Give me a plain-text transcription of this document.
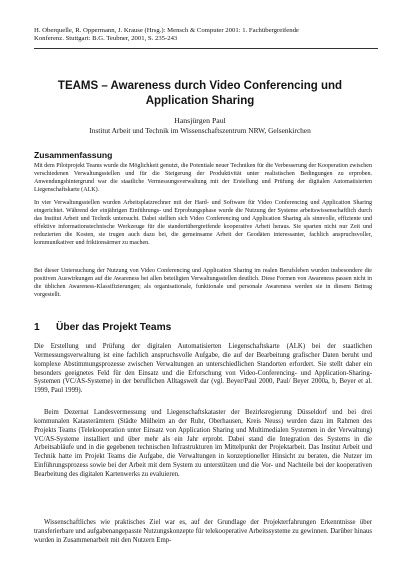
H. Oberquelle, R. Oppermann, J. Krause (Hrsg.): Mensch & Computer 2001: 1. Fachübergreifende
Konferenz. Stuttgart: B.G. Teubner, 2001, S. 235-243
TEAMS – Awareness durch Video Conferencing und
Application Sharing
Hansjürgen Paul
Institut Arbeit und Technik im Wissenschaftszentrum NRW, Gelsenkirchen
Zusammenfassung

Mit dem Pilotprojekt Teams wurde die Möglichkeit genutzt, die Potentiale neuer Techniken für die Verbesserung der Kooperation zwischen verschiedenen Verwaltungsstellen und für die Steigerung der Produktivität unter realistischen Bedingungen zu erproben. Anwendungshintergrund war die staatliche Vermessungsverwaltung mit der Erstellung und Prüfung der digitalen Automatisierten Liegenschaftskarte (ALK).

In vier Verwaltungsstellen wurden Arbeitsplatzrechner mit der Hard- und Software für Video Conferencing und Application Sharing eingerichtet. Während der einjährigen Einführungs- und Erprobungsphase wurde die Nutzung der Systeme arbeitswissenschaftlich durch das Institut Arbeit und Technik untersucht. Dabei stellten sich Video Conferencing und Application Sharing als sinnvolle, effiziente und effektive informationstechnische Werkzeuge für die standortübergreifende kooperative Arbeit heraus. Sie sparten nicht nur Zeit und reduzierten die Kosten, sie trugen auch dazu bei, die gemeinsame Arbeit der Geodäten interessanter, fachlich anspruchsvoller, kommunikativer und friktionsärmer zu machen.

Bei dieser Untersuchung der Nutzung von Video Conferencing und Application Sharing im realen Berufsleben wurden insbesondere die positiven Auswirkungen auf die Awareness bei allen beteiligten Verwaltungsstellen deutlich. Diese Formen von Awareness passen nicht in die üblichen Awareness-Klassifizierungen; als organisationale, funktionale und personale Awareness werden sie in diesem Beitrag vorgestellt.

1 Über das Projekt Teams

Die Erstellung und Prüfung der digitalen Automatisierten Liegenschaftskarte (ALK) bei der staatlichen Vermessungsverwaltung ist eine fachlich anspruchsvolle Aufgabe, die auf der Bearbeitung grafischer Daten beruht und komplexe Abstimmungsprozesse zwischen Verwaltungen an unterschiedlichen Standorten erfordert. Sie stellt daher ein besonders geeignetes Feld für den Einsatz und die Erforschung von Video-Conferencing- und Application-Sharing-Systemen (VC/AS-Systeme) in der beruflichen Alltagswelt dar (vgl. Beyer/Paul 2000, Paul/ Beyer 2000a, b, Beyer et al. 1999, Paul 1999).

Beim Dezernat Landesvermessung und Liegenschaftskataster der Bezirksregierung Düsseldorf und bei drei kommunalen Katasterämtern (Städte Mülheim an der Ruhr, Oberhausen, Kreis Neuss) wurden dazu im Rahmen des Projekts Teams (Telekooperation unter Einsatz von Application Sharing und Multimedialen Systemen in der Verwaltung) VC/AS-Systeme installiert und über mehr als ein Jahr erprobt. Dabei stand die Integration des Systems in die Arbeitsabläufe und in die gegebenen technischen Infrastrukturen im Mittelpunkt der Projektarbeit. Das Institut Arbeit und Technik hatte im Projekt Teams die Aufgabe, die Verwaltungen in konzeptioneller Hinsicht zu beraten, die Nutzer im Einführungsprozess sowie bei der Arbeit mit dem System zu unterstützen und die Vor- und Nachteile bei der kooperativen Bearbeitung des digitalen Kartenwerks zu evaluieren.

Wissenschaftliches wie praktisches Ziel war es, auf der Grundlage der Projekterfahrungen Erkenntnisse über transferierbare und aufgabenangepasste Nutzungskonzepte für telekooperative Arbeitssysteme zu gewinnen. Darüber hinaus wurden in Zusammenarbeit mit den Nutzern Emp-
